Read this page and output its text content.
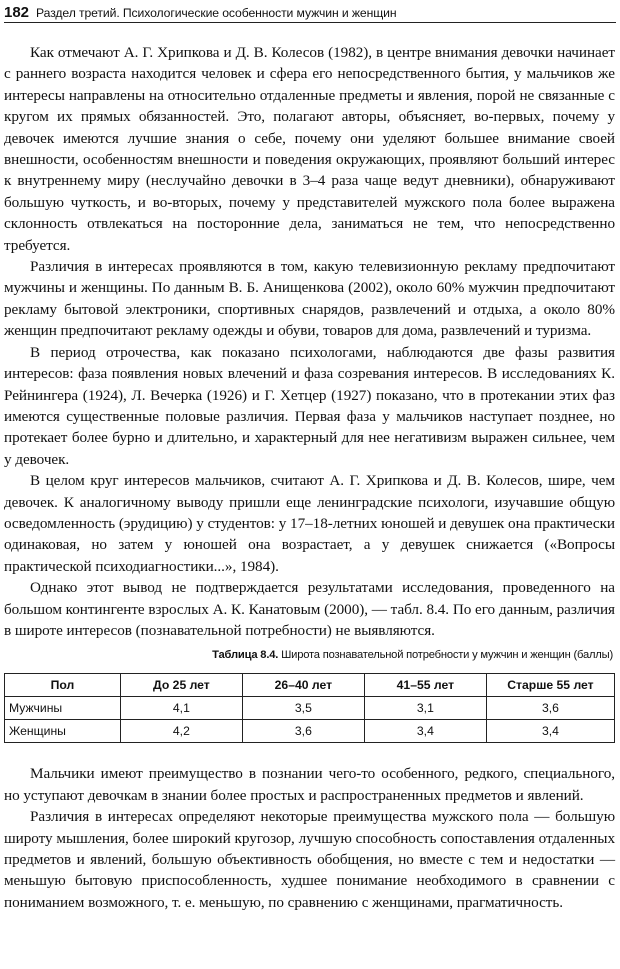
182 Раздел третий. Психологические особенности мужчин и женщин

Как отмечают А. Г. Хрипкова и Д. В. Колесов (1982), в центре внимания девочки начинает с раннего возраста находится человек и сфера его непосредственного бытия, у мальчиков же интересы направлены на относительно отдаленные предметы и явления, порой не связанные с кругом их прямых обязанностей. Это, полагают авторы, объясняет, во-первых, почему у девочек имеются лучшие знания о себе, почему они уделяют большее внимание своей внешности, особенностям внешности и поведения окружающих, проявляют больший интерес к внутреннему миру (неслучайно девочки в 3–4 раза чаще ведут дневники), обнаруживают большую чуткость, и во-вторых, почему у представителей мужского пола более выражена склонность отвлекаться на посторонние дела, заниматься не тем, что непосредственно требуется.

Различия в интересах проявляются в том, какую телевизионную рекламу предпочитают мужчины и женщины. По данным В. Б. Анищенкова (2002), около 60% мужчин предпочитают рекламу бытовой электроники, спортивных снарядов, развлечений и отдыха, а около 80% женщин предпочитают рекламу одежды и обуви, товаров для дома, развлечений и туризма.

В период отрочества, как показано психологами, наблюдаются две фазы развития интересов: фаза появления новых влечений и фаза созревания интересов. В исследованиях К. Рейнингера (1924), Л. Вечерка (1926) и Г. Хетцер (1927) показано, что в протекании этих фаз имеются существенные половые различия. Первая фаза у мальчиков наступает позднее, но протекает более бурно и длительно, и характерный для нее негативизм выражен сильнее, чем у девочек.

В целом круг интересов мальчиков, считают А. Г. Хрипкова и Д. В. Колесов, шире, чем девочек. К аналогичному выводу пришли еще ленинградские психологи, изучавшие общую осведомленность (эрудицию) у студентов: у 17–18-летних юношей и девушек она практически одинаковая, но затем у юношей она возрастает, а у девушек снижается («Вопросы практической психодиагностики...», 1984).

Однако этот вывод не подтверждается результатами исследования, проведенного на большом контингенте взрослых А. К. Канатовым (2000), — табл. 8.4. По его данным, различия в широте интересов (познавательной потребности) не выявляются.

Таблица 8.4. Широта познавательной потребности у мужчин и женщин (баллы)
Пол	До 25 лет	26–40 лет	41–55 лет	Старше 55 лет
Мужчины	4,1	3,5	3,1	3,6
Женщины	4,2	3,6	3,4	3,4

Мальчики имеют преимущество в познании чего-то особенного, редкого, специального, но уступают девочкам в знании более простых и распространенных предметов и явлений.

Различия в интересах определяют некоторые преимущества мужского пола — большую широту мышления, более широкий кругозор, лучшую способность сопоставления отдаленных предметов и явлений, большую объективность обобщения, но вместе с тем и недостатки — меньшую бытовую приспособленность, худшее понимание необходимого в сравнении с пониманием возможного, т. е. меньшую, по сравнению с женщинами, прагматичность.
